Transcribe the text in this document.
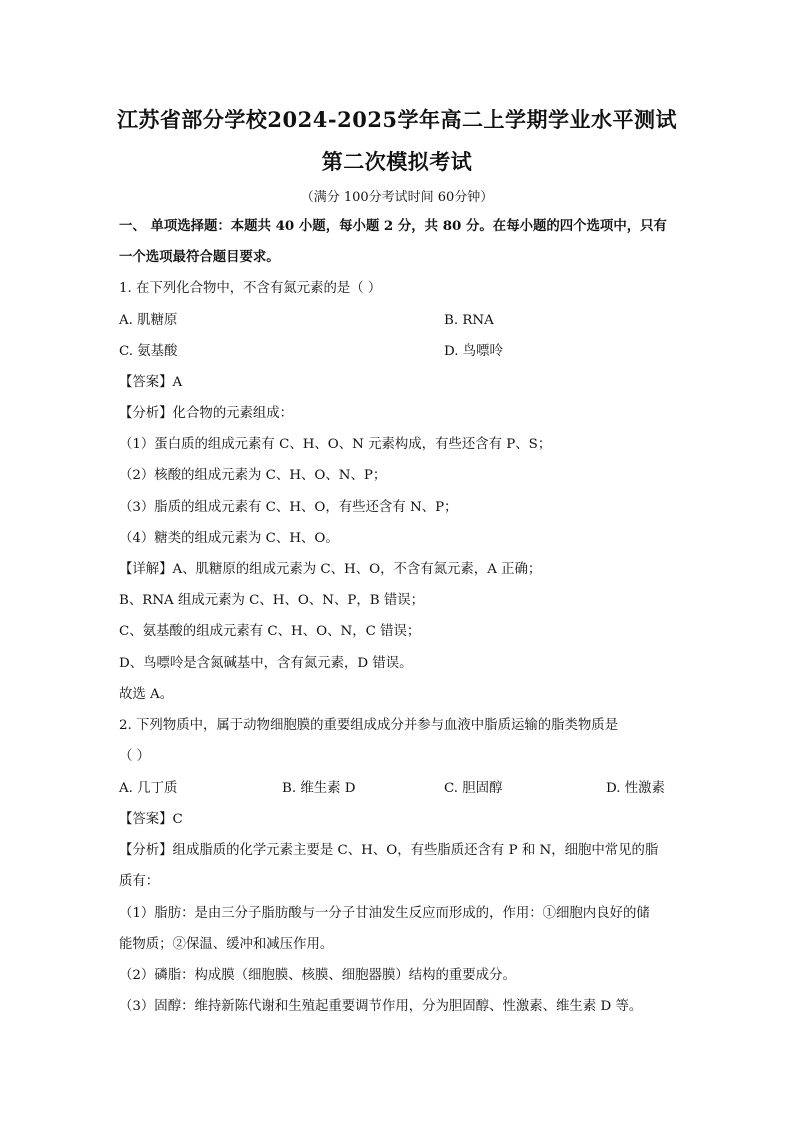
江苏省部分学校2024-2025学年高二上学期学业水平测试
第二次模拟考试
（满分 100分考试时间 60分钟）
一、 单项选择题：本题共 40 小题，每小题 2 分，共 80 分。在每小题的四个选项中，只有
一个选项最符合题目要求。
1. 在下列化合物中，不含有氮元素的是（ ）
A. 肌糖原	B. RNA
C. 氨基酸	D. 鸟嘌呤
【答案】A
【分析】化合物的元素组成：
（1）蛋白质的组成元素有 C、H、O、N 元素构成，有些还含有 P、S；
（2）核酸的组成元素为 C、H、O、N、P；
（3）脂质的组成元素有 C、H、O，有些还含有 N、P；
（4）糖类的组成元素为 C、H、O。
【详解】A、肌糖原的组成元素为 C、H、O，不含有氮元素，A 正确；
B、RNA 组成元素为 C、H、O、N、P，B 错误；
C、氨基酸的组成元素有 C、H、O、N，C 错误；
D、鸟嘌呤是含氮碱基中，含有氮元素，D 错误。
故选 A。
2. 下列物质中，属于动物细胞膜的重要组成成分并参与血液中脂质运输的脂类物质是
（ ）
A. 几丁质	B. 维生素 D	C. 胆固醇	D. 性激素
【答案】C
【分析】组成脂质的化学元素主要是 C、H、O，有些脂质还含有 P 和 N，细胞中常见的脂
质有：
（1）脂肪：是由三分子脂肪酸与一分子甘油发生反应而形成的，作用：①细胞内良好的储
能物质；②保温、缓冲和减压作用。
（2）磷脂：构成膜（细胞膜、核膜、细胞器膜）结构的重要成分。
（3）固醇：维持新陈代谢和生殖起重要调节作用，分为胆固醇、性激素、维生素 D 等。
